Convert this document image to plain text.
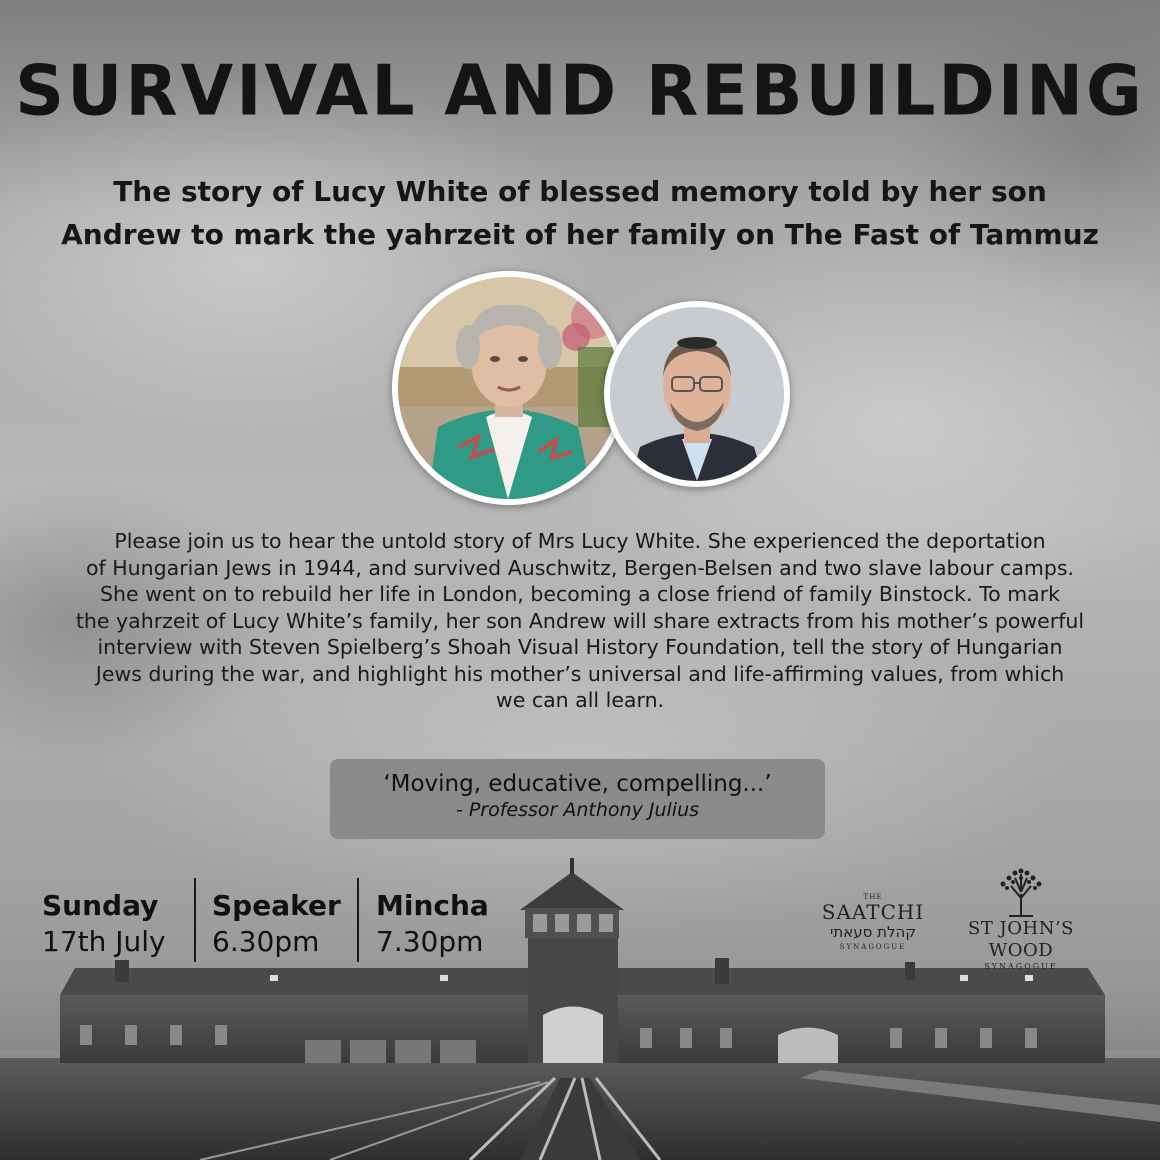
SURVIVAL AND REBUILDING
The story of Lucy White of blessed memory told by her son
Andrew to mark the yahrzeit of her family on The Fast of Tammuz
Please join us to hear the untold story of Mrs Lucy White. She experienced the deportation
of Hungarian Jews in 1944, and survived Auschwitz, Bergen-Belsen and two slave labour camps.
She went on to rebuild her life in London, becoming a close friend of family Binstock. To mark
the yahrzeit of Lucy White’s family, her son Andrew will share extracts from his mother’s powerful
interview with Steven Spielberg’s Shoah Visual History Foundation, tell the story of Hungarian
Jews during the war, and highlight his mother’s universal and life-affirming values, from which
we can all learn.
‘Moving, educative, compelling...’
- Professor Anthony Julius
Sunday
17th July
Speaker
6.30pm
Mincha
7.30pm
THE
SAATCHI
קהלת סעאתי
SYNAGOGUE
ST JOHN’S WOOD
SYNAGOGUE
